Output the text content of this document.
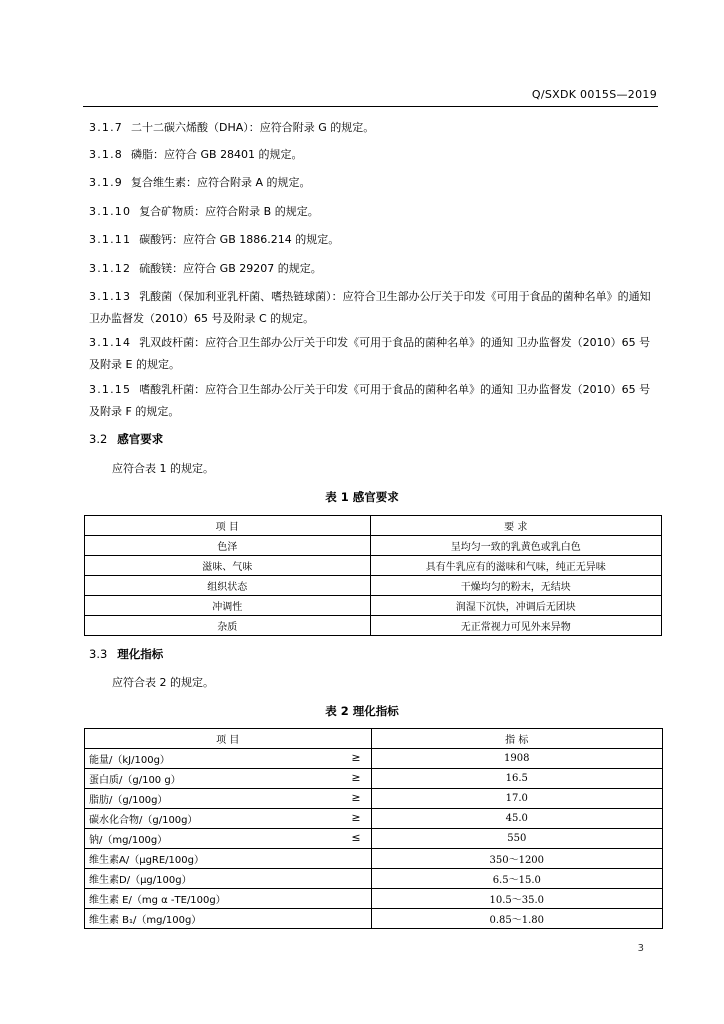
Q/SXDK 0015S—2019
3.1.7 二十二碳六烯酸（DHA）：应符合附录 G 的规定。
3.1.8 磷脂：应符合 GB 28401 的规定。
3.1.9 复合维生素：应符合附录 A 的规定。
3.1.10 复合矿物质：应符合附录 B 的规定。
3.1.11 碳酸钙：应符合 GB 1886.214 的规定。
3.1.12 硫酸镁：应符合 GB 29207 的规定。
3.1.13 乳酸菌（保加利亚乳杆菌、嗜热链球菌）：应符合卫生部办公厅关于印发《可用于食品的菌种名单》的通知 卫办监督发（2010）65 号及附录 C 的规定。
3.1.14 乳双歧杆菌：应符合卫生部办公厅关于印发《可用于食品的菌种名单》的通知 卫办监督发（2010）65 号及附录 E 的规定。
3.1.15 嗜酸乳杆菌：应符合卫生部办公厅关于印发《可用于食品的菌种名单》的通知 卫办监督发（2010）65 号及附录 F 的规定。
3.2 感官要求
应符合表 1 的规定。
表 1 感官要求
项 目	要 求
色泽	呈均匀一致的乳黄色或乳白色
滋味、气味	具有牛乳应有的滋味和气味，纯正无异味
组织状态	干燥均匀的粉末，无结块
冲调性	润湿下沉快，冲调后无团块
杂质	无正常视力可见外来异物
3.3 理化指标
应符合表 2 的规定。
表 2 理化指标
项 目	指 标
能量/（kJ/100g） ≥	1908
蛋白质/（g/100 g） ≥	16.5
脂肪/（g/100g） ≥	17.0
碳水化合物/（g/100g） ≥	45.0
钠/（mg/100g） ≤	550
维生素A/（μgRE/100g）	350～1200
维生素D/（μg/100g）	6.5～15.0
维生素 E/（mg α -TE/100g）	10.5～35.0
维生素 B₁/（mg/100g）	0.85～1.80
3
